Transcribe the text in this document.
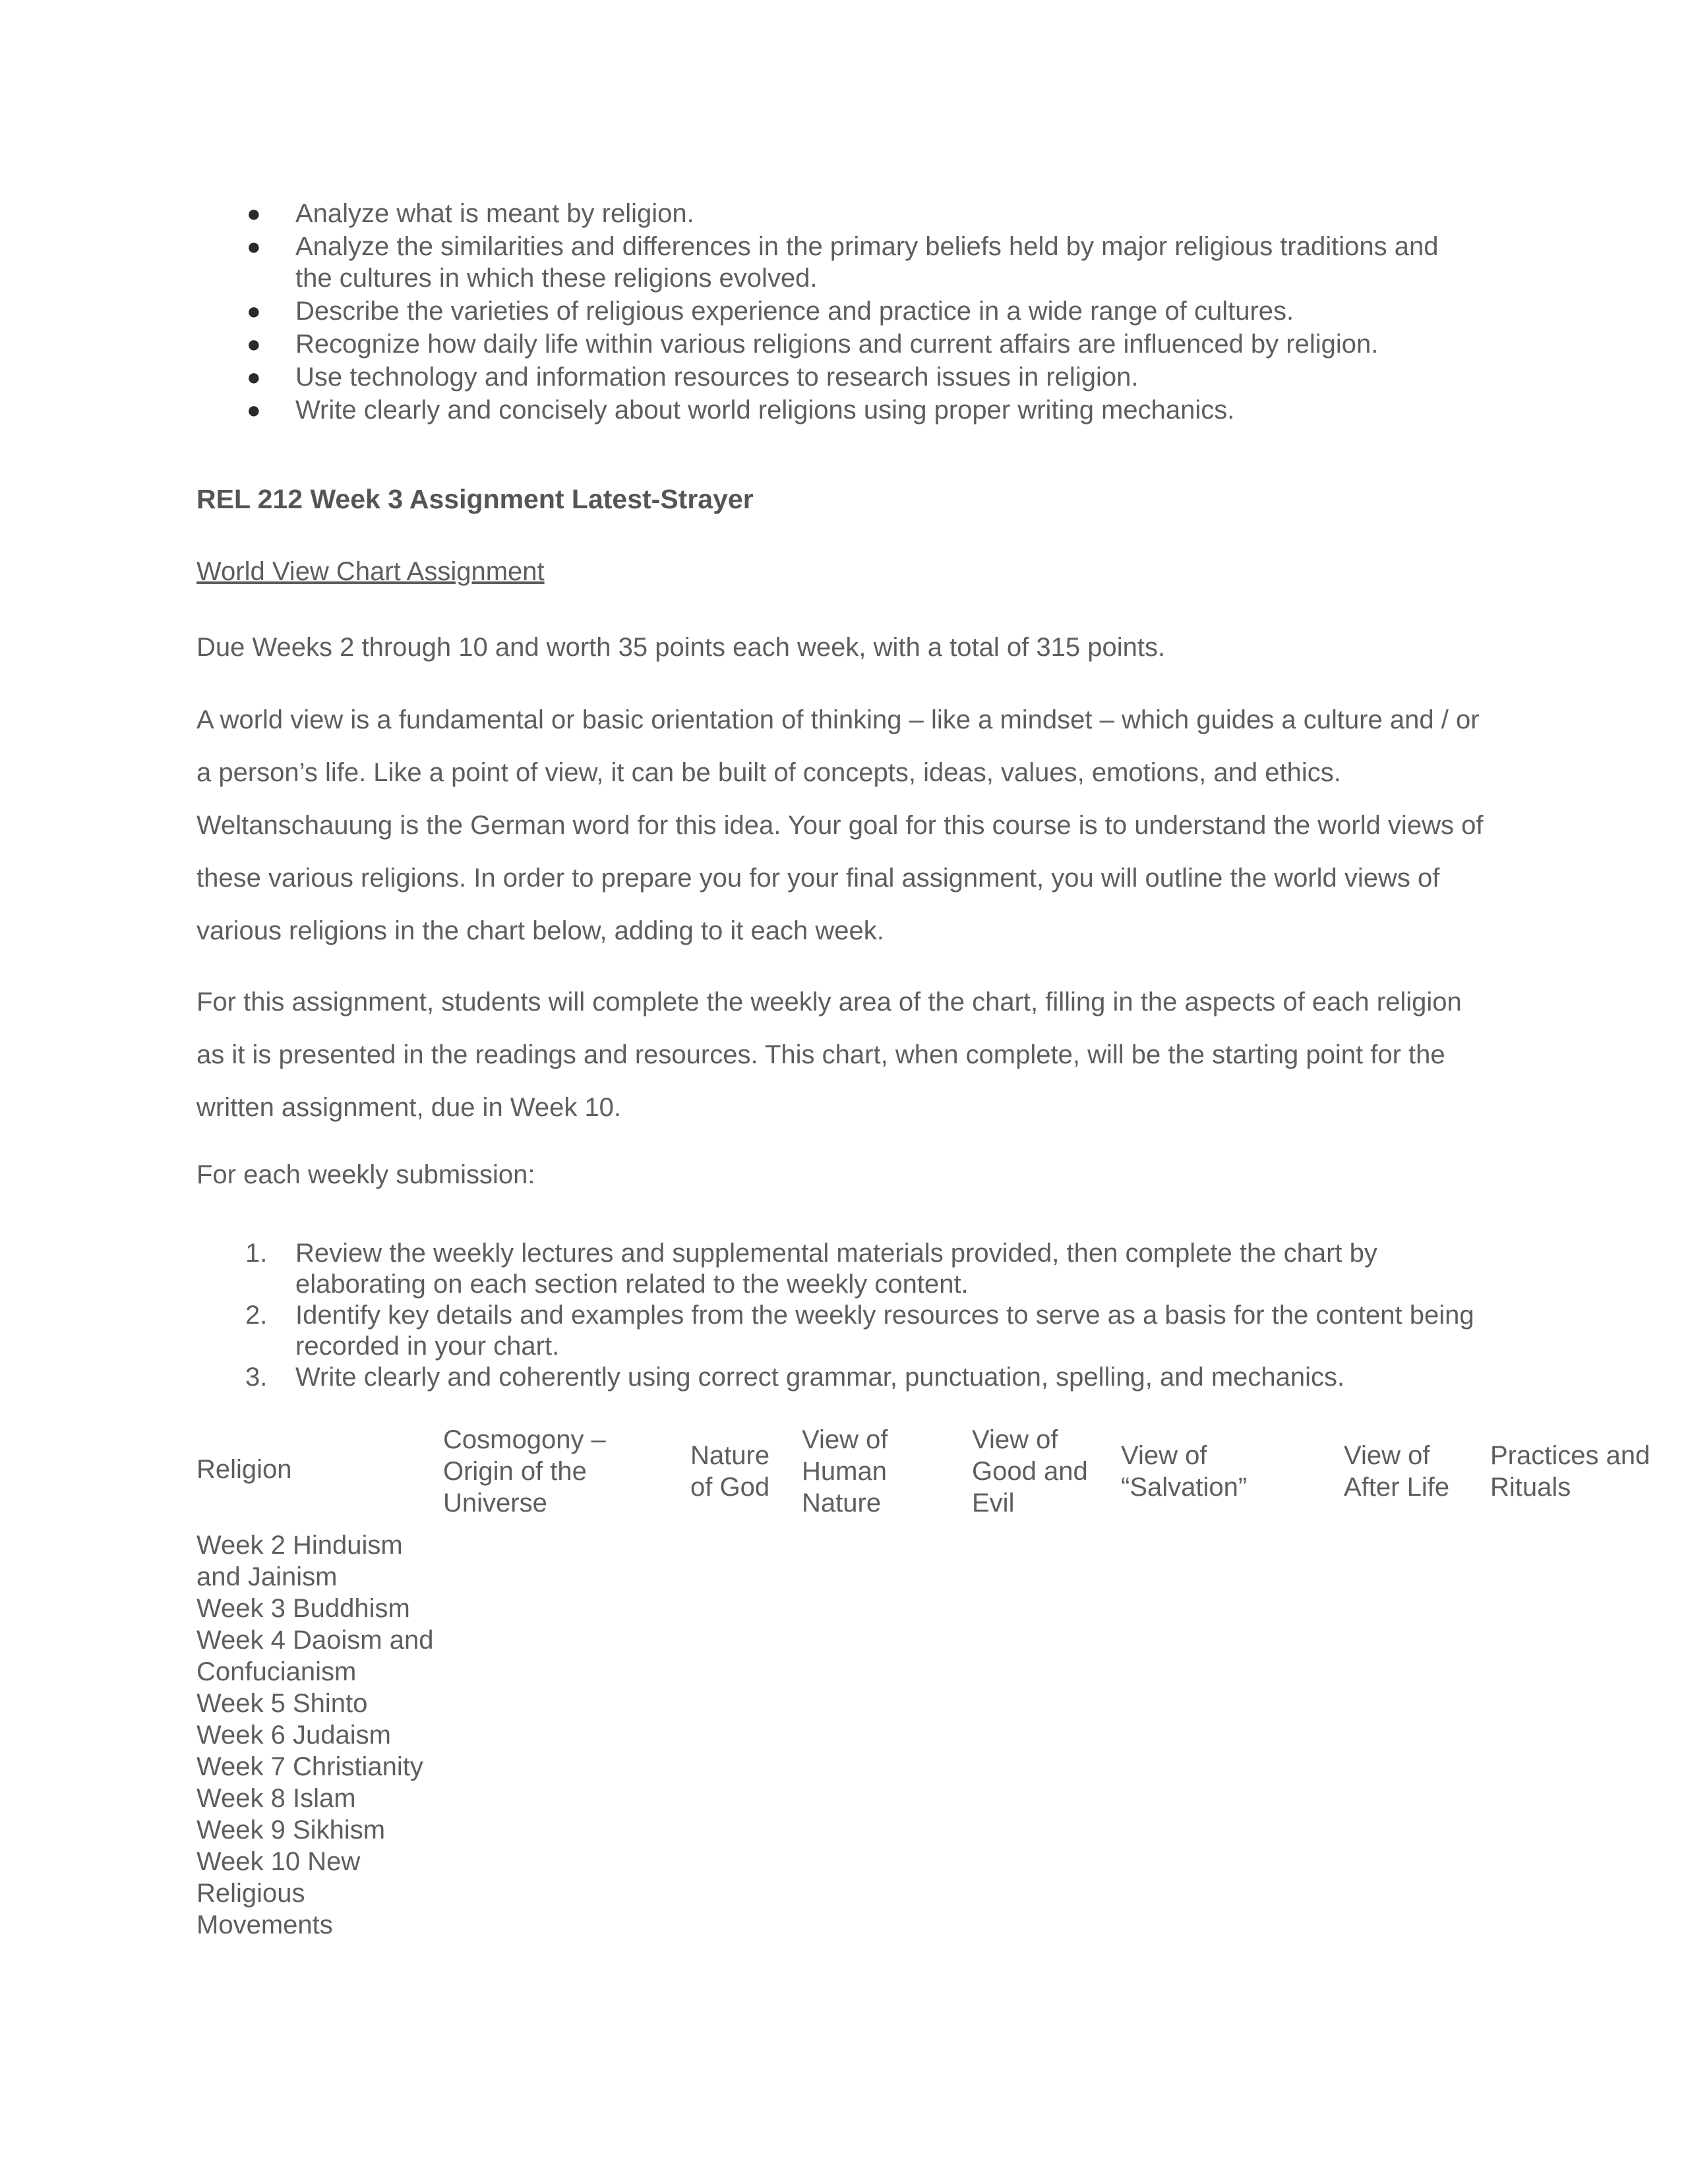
● Analyze what is meant by religion.
● Analyze the similarities and differences in the primary beliefs held by major religious traditions and the cultures in which these religions evolved.
● Describe the varieties of religious experience and practice in a wide range of cultures.
● Recognize how daily life within various religions and current affairs are influenced by religion.
● Use technology and information resources to research issues in religion.
● Write clearly and concisely about world religions using proper writing mechanics.
REL 212 Week 3 Assignment Latest-Strayer
World View Chart Assignment

Due Weeks 2 through 10 and worth 35 points each week, with a total of 315 points.

A world view is a fundamental or basic orientation of thinking – like a mindset – which guides a culture and / or a person’s life. Like a point of view, it can be built of concepts, ideas, values, emotions, and ethics. Weltanschauung is the German word for this idea. Your goal for this course is to understand the world views of these various religions. In order to prepare you for your final assignment, you will outline the world views of various religions in the chart below, adding to it each week.

For this assignment, students will complete the weekly area of the chart, filling in the aspects of each religion as it is presented in the readings and resources. This chart, when complete, will be the starting point for the written assignment, due in Week 10.

For each weekly submission:

1. Review the weekly lectures and supplemental materials provided, then complete the chart by elaborating on each section related to the weekly content.
2. Identify key details and examples from the weekly resources to serve as a basis for the content being recorded in your chart.
3. Write clearly and coherently using correct grammar, punctuation, spelling, and mechanics.
Religion
Cosmogony – Origin of the Universe
Nature of God
View of Human Nature
View of Good and Evil
View of “Salvation”
View of After Life
Practices and Rituals
Week 2 Hinduism and Jainism
Week 3 Buddhism
Week 4 Daoism and Confucianism
Week 5 Shinto
Week 6 Judaism
Week 7 Christianity
Week 8 Islam
Week 9 Sikhism
Week 10 New Religious Movements
